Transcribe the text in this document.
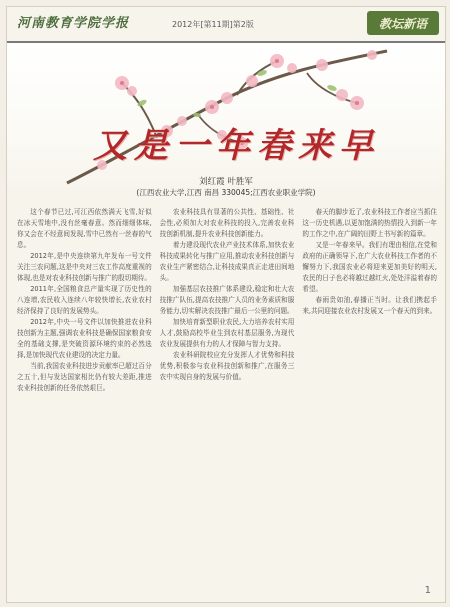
河南教育学院学报	2012年[第11期]第2版	教坛新语
又是一年春来早
刘红霞 叶胜军
(江西农业大学,江西 南昌 330045;江西农业职业学院)

这个春节已过,可江西依然满天飞雪,好似在冰天雪地中,没有丝毫春意。然而细细体味,你又会在不经意间发现,雪中已然有一丝春的气息。

2012年,是中央连续第九年发布一号文件关注三农问题,这是中央对三农工作高度重视的体现,也是对农业科技创新与推广的殷切期待。

2011年,全国粮食总产量实现了历史性的八连增,农民收入连续八年较快增长,农业农村经济保持了良好的发展势头。

2012年,中央一号文件以加快推进农业科技创新为主题,强调农业科技是确保国家粮食安全的基础支撑,是突破资源环境约束的必然选择,是加快现代农业建设的决定力量。

当前,我国农业科技进步贡献率已超过百分之五十,但与发达国家相比仍有较大差距,推进农业科技创新的任务依然艰巨。

农业科技具有显著的公共性、基础性、社会性,必须加大对农业科技的投入,完善农业科技创新机制,提升农业科技创新能力。

着力建设现代农业产业技术体系,加快农业科技成果转化与推广应用,推动农业科技创新与农业生产紧密结合,让科技成果真正走进田间地头。

加强基层农技推广体系建设,稳定和壮大农技推广队伍,提高农技推广人员的业务素质和服务能力,切实解决农技推广最后一公里的问题。

加快培育新型职业农民,大力培养农村实用人才,鼓励高校毕业生到农村基层服务,为现代农业发展提供有力的人才保障与智力支持。

农业科研院校应充分发挥人才优势和科技优势,积极参与农业科技创新和推广,在服务三农中实现自身的发展与价值。

春天的脚步近了,农业科技工作者应当抓住这一历史机遇,以更加饱满的热情投入到新一年的工作之中,在广阔的田野上书写新的篇章。

又是一年春来早。我们有理由相信,在党和政府的正确领导下,在广大农业科技工作者的不懈努力下,我国农业必将迎来更加美好的明天,农民的日子也必将越过越红火,处处洋溢着春的希望。

春雨贵如油,春播正当时。让我们携起手来,共同迎接农业农村发展又一个春天的到来。

1
